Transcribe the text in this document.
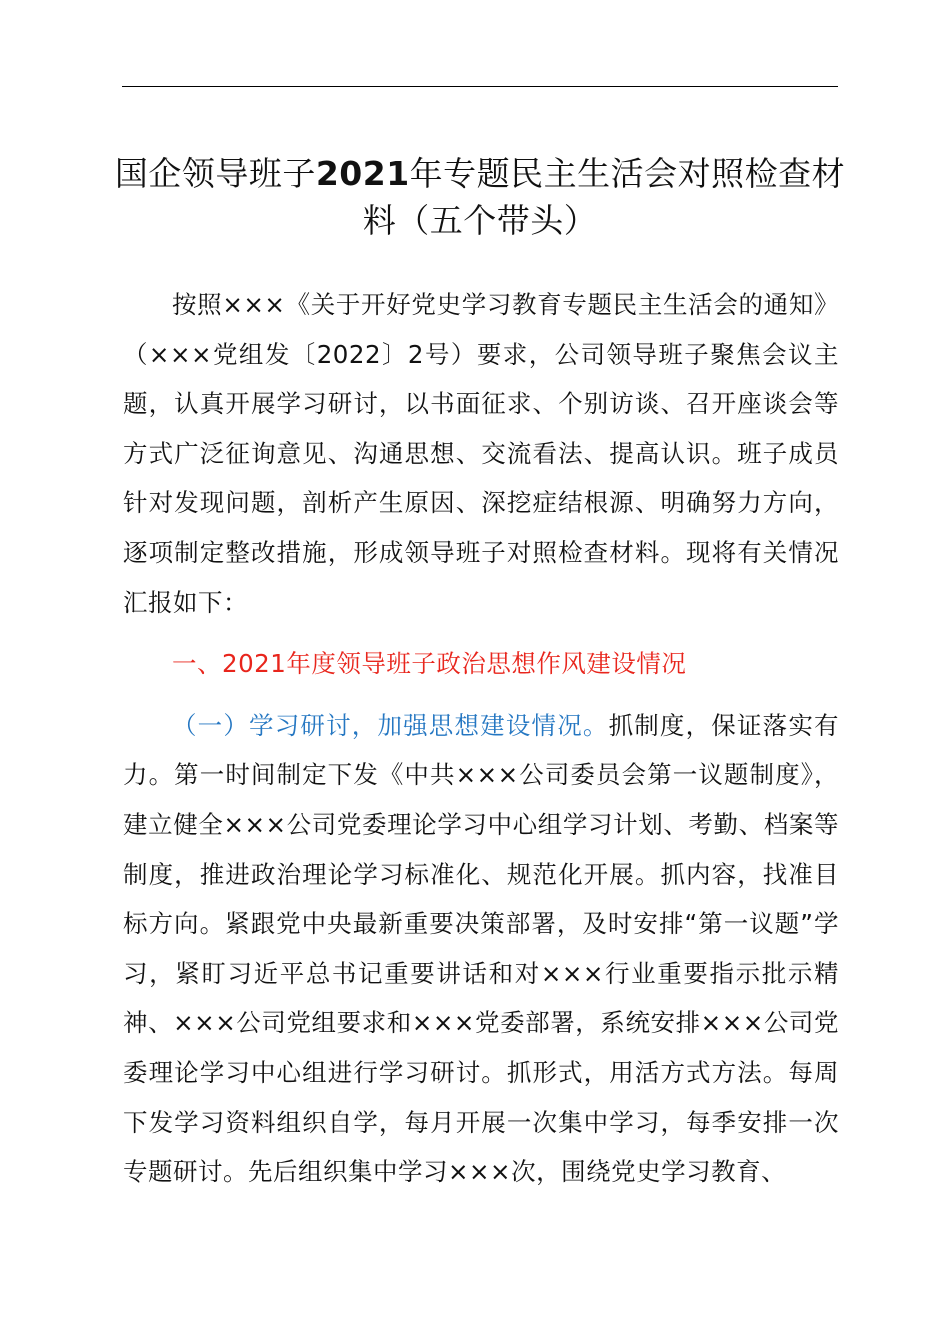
国企领导班子2021年专题民主生活会对照检查材料（五个带头）

按照×××《关于开好党史学习教育专题民主生活会的通知》（×××党组发〔2022〕2号）要求，公司领导班子聚焦会议主题，认真开展学习研讨，以书面征求、个别访谈、召开座谈会等方式广泛征询意见、沟通思想、交流看法、提高认识。班子成员针对发现问题，剖析产生原因、深挖症结根源、明确努力方向，逐项制定整改措施，形成领导班子对照检查材料。现将有关情况汇报如下：

一、2021年度领导班子政治思想作风建设情况

（一）学习研讨，加强思想建设情况。抓制度，保证落实有力。第一时间制定下发《中共×××公司委员会第一议题制度》，建立健全×××公司党委理论学习中心组学习计划、考勤、档案等制度，推进政治理论学习标准化、规范化开展。抓内容，找准目标方向。紧跟党中央最新重要决策部署，及时安排“第一议题”学习，紧盯习近平总书记重要讲话和对×××行业重要指示批示精神、×××公司党组要求和×××党委部署，系统安排×××公司党委理论学习中心组进行学习研讨。抓形式，用活方式方法。每周下发学习资料组织自学，每月开展一次集中学习，每季安排一次专题研讨。先后组织集中学习×××次，围绕党史学习教育、
